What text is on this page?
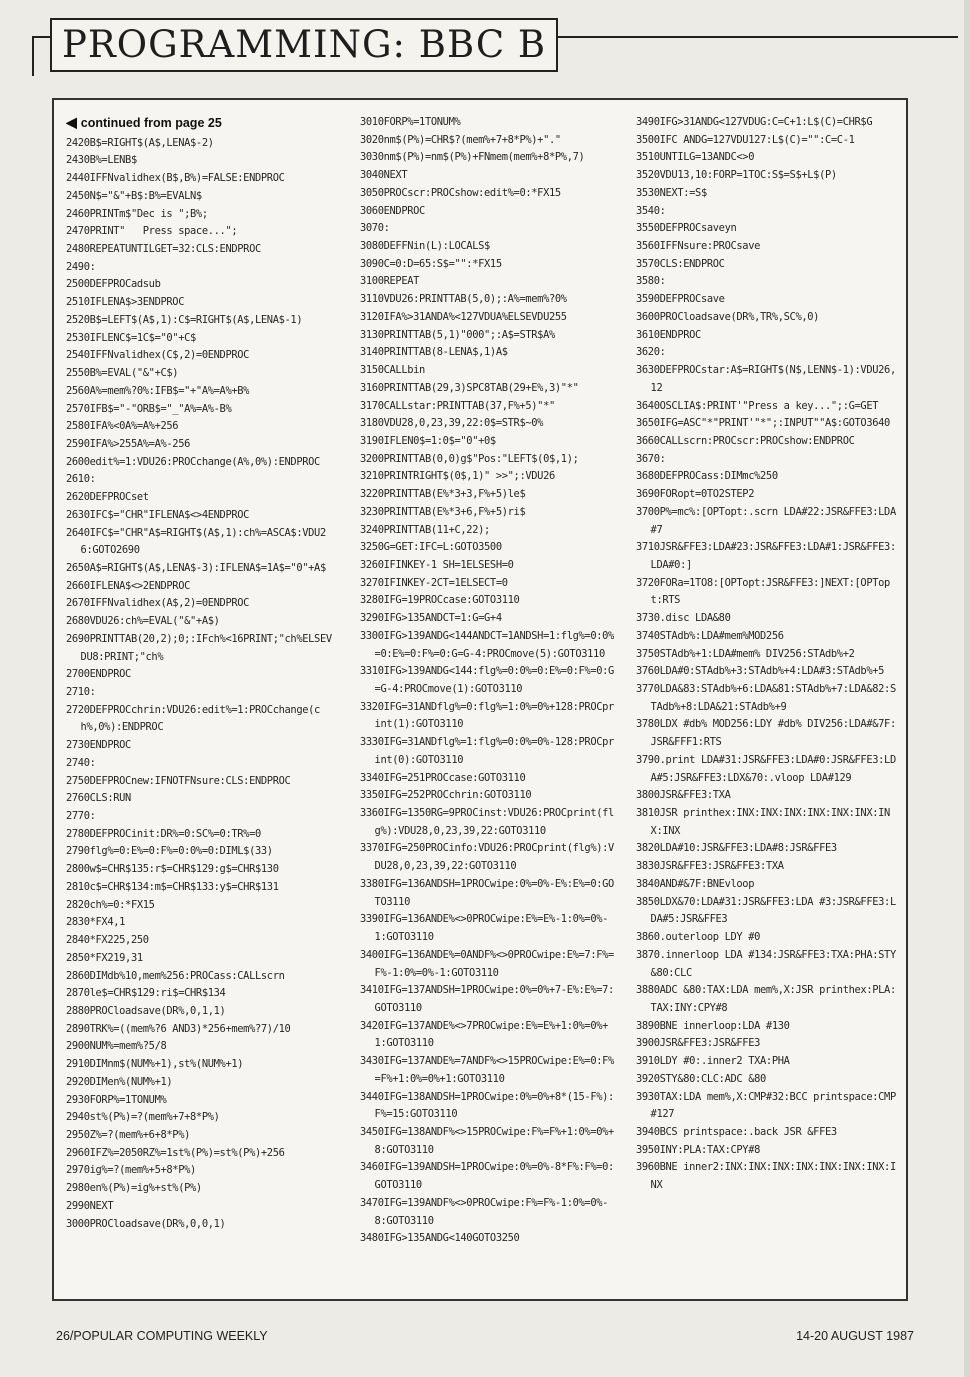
PROGRAMMING: BBC B
◀ continued from page 25
2420B$=RIGHT$(A$,LENA$-2)
2430B%=LENB$
2440IFFNvalidhex(B$,B%)=FALSE:ENDPROC
2450N$="&"+B$:B%=EVALN$
2460PRINTm$"Dec is ";B%;
2470PRINT"   Press space...";
2480REPEATUNTILGET=32:CLS:ENDPROC
2490:
2500DEFPROCadsub
2510IFLENA$>3ENDPROC
2520B$=LEFT$(A$,1):C$=RIGHT$(A$,LENA$-1)
2530IFLENC$=1C$="0"+C$
2540IFFNvalidhex(C$,2)=0ENDPROC
2550B%=EVAL("&"+C$)
2560A%=mem%?0%:IFB$="+"A%=A%+B%
2570IFB$="-"ORB$="_"A%=A%-B%
2580IFA%<0A%=A%+256
2590IFA%>255A%=A%-256
2600edit%=1:VDU26:PROCchange(A%,0%):ENDPROC
2610:
2620DEFPROCset
2630IFC$="CHR"IFLENA$<>4ENDPROC
2640IFC$="CHR"A$=RIGHT$(A$,1):ch%=ASCA$:VDU26:GOTO2690
2650A$=RIGHT$(A$,LENA$-3):IFLENA$=1A$="0"+A$
2660IFLENA$<>2ENDPROC
2670IFFNvalidhex(A$,2)=0ENDPROC
2680VDU26:ch%=EVAL("&"+A$)
2690PRINTTAB(20,2);0;:IFch%<16PRINT;"ch%ELSEVDU8:PRINT;"ch%
2700ENDPROC
2710:
2720DEFPROCchrin:VDU26:edit%=1:PROCchange(ch%,0%):ENDPROC
2730ENDPROC
2740:
2750DEFPROCnew:IFNOTFNsure:CLS:ENDPROC
2760CLS:RUN
2770:
2780DEFPROCinit:DR%=0:SC%=0:TR%=0
2790flg%=0:E%=0:F%=0:0%=0:DIML$(33)
2800w$=CHR$135:r$=CHR$129:g$=CHR$130
2810c$=CHR$134:m$=CHR$133:y$=CHR$131
2820ch%=0:*FX15
2830*FX4,1
2840*FX225,250
2850*FX219,31
2860DIMdb%10,mem%256:PROCass:CALLscrn
2870le$=CHR$129:ri$=CHR$134
2880PROCloadsave(DR%,0,1,1)
2890TRK%=((mem%?6 AND3)*256+mem%?7)/10
2900NUM%=mem%?5/8
2910DIMnm$(NUM%+1),st%(NUM%+1)
2920DIMen%(NUM%+1)
2930FORP%=1TONUM%
2940st%(P%)=?(mem%+7+8*P%)
2950Z%=?(mem%+6+8*P%)
2960IFZ%=2050RZ%=1st%(P%)=st%(P%)+256
2970ig%=?(mem%+5+8*P%)
2980en%(P%)=ig%+st%(P%)
2990NEXT
3000PROCloadsave(DR%,0,0,1)
3010FORP%=1TONUM%
3020nm$(P%)=CHR$?(mem%+7+8*P%)+"."
3030nm$(P%)=nm$(P%)+FNmem(mem%+8*P%,7)
3040NEXT
3050PROCscr:PROCshow:edit%=0:*FX15
3060ENDPROC
3070:
3080DEFFNin(L):LOCALS$
3090C=0:D=65:S$="":*FX15
3100REPEAT
3110VDU26:PRINTTAB(5,0);:A%=mem%?0%
3120IFA%>31ANDA%<127VDUA%ELSEVDU255
3130PRINTTAB(5,1)"000";:A$=STR$A%
3140PRINTTAB(8-LENA$,1)A$
3150CALLbin
3160PRINTTAB(29,3)SPC8TAB(29+E%,3)"*"
3170CALLstar:PRINTTAB(37,F%+5)"*"
3180VDU28,0,23,39,22:0$=STR$~0%
3190IFLEN0$=1:0$="0"+0$
3200PRINTTAB(0,0)g$"Pos:"LEFT$(0$,1);
3210PRINTRIGHT$(0$,1)" >>";:VDU26
3220PRINTTAB(E%*3+3,F%+5)le$
3230PRINTTAB(E%*3+6,F%+5)ri$
3240PRINTTAB(11+C,22);
3250G=GET:IFC=L:GOTO3500
3260IFINKEY-1 SH=1ELSESH=0
3270IFINKEY-2CT=1ELSECT=0
3280IFG=19PROCcase:GOTO3110
3290IFG>135ANDCT=1:G=G+4
3300IFG>139ANDG<144ANDCT=1ANDSH=1:flg%=0:0%=0:E%=0:F%=0:G=G-4:PROCmove(5):GOTO3110
3310IFG>139ANDG<144:flg%=0:0%=0:E%=0:F%=0:G=G-4:PROCmove(1):GOTO3110
3320IFG=31ANDflg%=0:flg%=1:0%=0%+128:PROCprint(1):GOTO3110
3330IFG=31ANDflg%=1:flg%=0:0%=0%-128:PROCprint(0):GOTO3110
3340IFG=251PROCcase:GOTO3110
3350IFG=252PROCchrin:GOTO3110
3360IFG=1350RG=9PROCinst:VDU26:PROCprint(flg%):VDU28,0,23,39,22:GOTO3110
3370IFG=250PROCinfo:VDU26:PROCprint(flg%):VDU28,0,23,39,22:GOTO3110
3380IFG=136ANDSH=1PROCwipe:0%=0%-E%:E%=0:GOTO3110
3390IFG=136ANDE%<>0PROCwipe:E%=E%-1:0%=0%-1:GOTO3110
3400IFG=136ANDE%=0ANDF%<>0PROCwipe:E%=7:F%=F%-1:0%=0%-1:GOTO3110
3410IFG=137ANDSH=1PROCwipe:0%=0%+7-E%:E%=7:GOTO3110
3420IFG=137ANDE%<>7PROCwipe:E%=E%+1:0%=0%+1:GOTO3110
3430IFG=137ANDE%=7ANDF%<>15PROCwipe:E%=0:F%=F%+1:0%=0%+1:GOTO3110
3440IFG=138ANDSH=1PROCwipe:0%=0%+8*(15-F%):F%=15:GOTO3110
3450IFG=138ANDF%<>15PROCwipe:F%=F%+1:0%=0%+8:GOTO3110
3460IFG=139ANDSH=1PROCwipe:0%=0%-8*F%:F%=0:GOTO3110
3470IFG=139ANDF%<>0PROCwipe:F%=F%-1:0%=0%-8:GOTO3110
3480IFG>135ANDG<140GOTO3250
3490IFG>31ANDG<127VDUG:C=C+1:L$(C)=CHR$G
3500IFC ANDG=127VDU127:L$(C)="":C=C-1
3510UNTILG=13ANDC<>0
3520VDU13,10:FORP=1TOC:S$=S$+L$(P)
3530NEXT:=S$
3540:
3550DEFPROCsaveyn
3560IFFNsure:PROCsave
3570CLS:ENDPROC
3580:
3590DEFPROCsave
3600PROCloadsave(DR%,TR%,SC%,0)
3610ENDPROC
3620:
3630DEFPROCstar:A$=RIGHT$(N$,LENN$-1):VDU26,12
3640OSCLIA$:PRINT'"Press a key...";:G=GET
3650IFG=ASC"*"PRINT'"*";:INPUT""A$:GOTO3640
3660CALLscrn:PROCscr:PROCshow:ENDPROC
3670:
3680DEFPROCass:DIMmc%250
3690FORopt=0TO2STEP2
3700P%=mc%:[OPTopt:.scrn LDA#22:JSR&FFE3:LDA#7
3710JSR&FFE3:LDA#23:JSR&FFE3:LDA#1:JSR&FFE3:LDA#0:]
3720FORa=1TO8:[OPTopt:JSR&FFE3:]NEXT:[OPTopt:RTS
3730.disc LDA&80
3740STAdb%:LDA#mem%MOD256
3750STAdb%+1:LDA#mem% DIV256:STAdb%+2
3760LDA#0:STAdb%+3:STAdb%+4:LDA#3:STAdb%+5
3770LDA&83:STAdb%+6:LDA&81:STAdb%+7:LDA&82:STAdb%+8:LDA&21:STAdb%+9
3780LDX #db% MOD256:LDY #db% DIV256:LDA#&7F:JSR&FFF1:RTS
3790.print LDA#31:JSR&FFE3:LDA#0:JSR&FFE3:LDA#5:JSR&FFE3:LDX&70:.vloop LDA#129
3800JSR&FFE3:TXA
3810JSR printhex:INX:INX:INX:INX:INX:INX:INX:INX
3820LDA#10:JSR&FFE3:LDA#8:JSR&FFE3
3830JSR&FFE3:JSR&FFE3:TXA
3840AND#&7F:BNEvloop
3850LDX&70:LDA#31:JSR&FFE3:LDA #3:JSR&FFE3:LDA#5:JSR&FFE3
3860.outerloop LDY #0
3870.innerloop LDA #134:JSR&FFE3:TXA:PHA:STY&80:CLC
3880ADC &80:TAX:LDA mem%,X:JSR printhex:PLA:TAX:INY:CPY#8
3890BNE innerloop:LDA #130
3900JSR&FFE3:JSR&FFE3
3910LDY #0:.inner2 TXA:PHA
3920STY&80:CLC:ADC &80
3930TAX:LDA mem%,X:CMP#32:BCC printspace:CMP#127
3940BCS printspace:.back JSR &FFE3
3950INY:PLA:TAX:CPY#8
3960BNE inner2:INX:INX:INX:INX:INX:INX:INX:INX
26/POPULAR COMPUTING WEEKLY	14-20 AUGUST 1987
